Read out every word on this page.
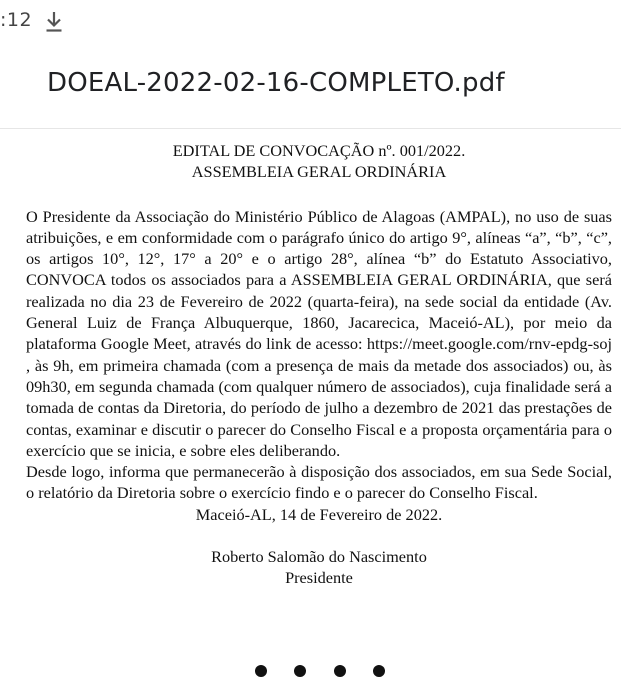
:12
DOEAL-2022-02-16-COMPLETO.pdf

EDITAL DE CONVOCAÇÃO nº. 001/2022.
ASSEMBLEIA GERAL ORDINÁRIA

O Presidente da Associação do Ministério Público de Alagoas (AMPAL), no uso de suas atribuições, e em conformidade com o parágrafo único do artigo 9°, alíneas “a”, “b”, “c”, os artigos 10°, 12°, 17° a 20° e o artigo 28°, alínea “b” do Estatuto Associativo, CONVOCA todos os associados para a ASSEMBLEIA GERAL ORDINÁRIA, que será realizada no dia 23 de Fevereiro de 2022 (quarta-feira), na sede social da entidade (Av. General Luiz de França Albuquerque, 1860, Jacarecica, Maceió-AL), por meio da plataforma Google Meet, através do link de acesso: https://meet.google.com/rnv-epdg-soj , às 9h, em primeira chamada (com a presença de mais da metade dos associados) ou, às 09h30, em segunda chamada (com qualquer número de associados), cuja finalidade será a tomada de contas da Diretoria, do período de julho a dezembro de 2021 das prestações de contas, examinar e discutir o parecer do Conselho Fiscal e a proposta orçamentária para o exercício que se inicia, e sobre eles deliberando.

Desde logo, informa que permanecerão à disposição dos associados, em sua Sede Social, o relatório da Diretoria sobre o exercício findo e o parecer do Conselho Fiscal.

Maceió-AL, 14 de Fevereiro de 2022.

Roberto Salomão do Nascimento
Presidente
